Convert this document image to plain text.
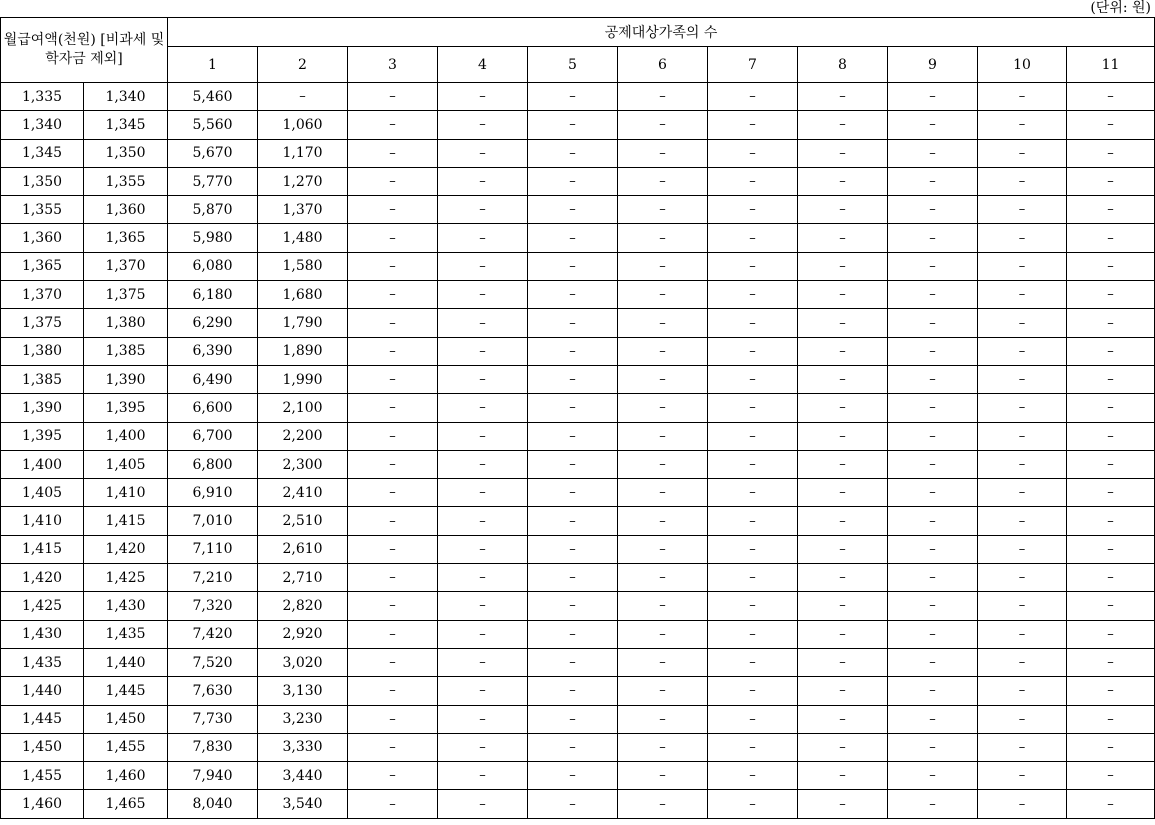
(단위: 원)
월급여액(천원) [비과세 및 학자금 제외]		공제대상가족의 수										
		1	2	3	4	5	6	7	8	9	10	11
1,335	1,340	5,460	–	–	–	–	–	–	–	–	–	–
1,340	1,345	5,560	1,060	–	–	–	–	–	–	–	–	–
1,345	1,350	5,670	1,170	–	–	–	–	–	–	–	–	–
1,350	1,355	5,770	1,270	–	–	–	–	–	–	–	–	–
1,355	1,360	5,870	1,370	–	–	–	–	–	–	–	–	–
1,360	1,365	5,980	1,480	–	–	–	–	–	–	–	–	–
1,365	1,370	6,080	1,580	–	–	–	–	–	–	–	–	–
1,370	1,375	6,180	1,680	–	–	–	–	–	–	–	–	–
1,375	1,380	6,290	1,790	–	–	–	–	–	–	–	–	–
1,380	1,385	6,390	1,890	–	–	–	–	–	–	–	–	–
1,385	1,390	6,490	1,990	–	–	–	–	–	–	–	–	–
1,390	1,395	6,600	2,100	–	–	–	–	–	–	–	–	–
1,395	1,400	6,700	2,200	–	–	–	–	–	–	–	–	–
1,400	1,405	6,800	2,300	–	–	–	–	–	–	–	–	–
1,405	1,410	6,910	2,410	–	–	–	–	–	–	–	–	–
1,410	1,415	7,010	2,510	–	–	–	–	–	–	–	–	–
1,415	1,420	7,110	2,610	–	–	–	–	–	–	–	–	–
1,420	1,425	7,210	2,710	–	–	–	–	–	–	–	–	–
1,425	1,430	7,320	2,820	–	–	–	–	–	–	–	–	–
1,430	1,435	7,420	2,920	–	–	–	–	–	–	–	–	–
1,435	1,440	7,520	3,020	–	–	–	–	–	–	–	–	–
1,440	1,445	7,630	3,130	–	–	–	–	–	–	–	–	–
1,445	1,450	7,730	3,230	–	–	–	–	–	–	–	–	–
1,450	1,455	7,830	3,330	–	–	–	–	–	–	–	–	–
1,455	1,460	7,940	3,440	–	–	–	–	–	–	–	–	–
1,460	1,465	8,040	3,540	–	–	–	–	–	–	–	–	–
